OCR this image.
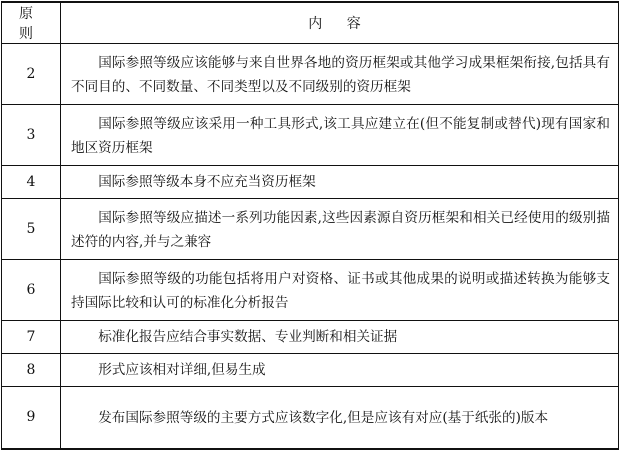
原 则	内 容
2	国际参照等级应该能够与来自世界各地的资历框架或其他学习成果框架衔接,包括具有不同目的、不同数量、不同类型以及不同级别的资历框架

3	国际参照等级应该采用一种工具形式,该工具应建立在(但不能复制或替代)现有国家和地区资历框架

4	国际参照等级本身不应充当资历框架

5	国际参照等级应描述一系列功能因素,这些因素源自资历框架和相关已经使用的级别描述符的内容,并与之兼容

6	国际参照等级的功能包括将用户对资格、证书或其他成果的说明或描述转换为能够支持国际比较和认可的标准化分析报告

7	标准化报告应结合事实数据、专业判断和相关证据

8	形式应该相对详细,但易生成

9	发布国际参照等级的主要方式应该数字化,但是应该有对应(基于纸张的)版本
